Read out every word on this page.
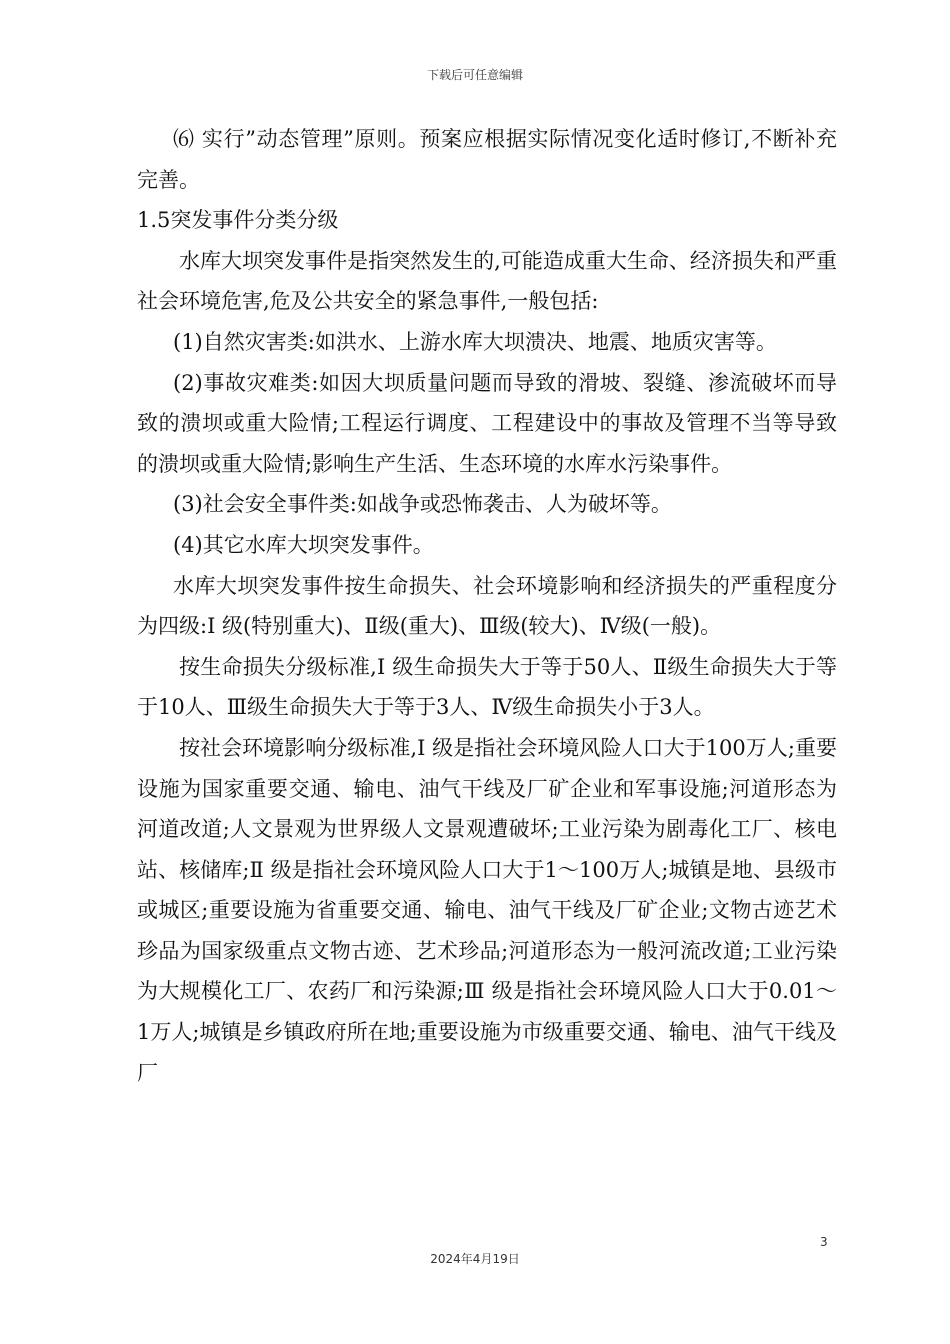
下载后可任意编辑

⑹ 实行”动态管理”原则。预案应根据实际情况变化适时修订,不断补充完善。

1.5突发事件分类分级

水库大坝突发事件是指突然发生的,可能造成重大生命、经济损失和严重社会环境危害,危及公共安全的紧急事件,一般包括:

(1)自然灾害类:如洪水、上游水库大坝溃决、地震、地质灾害等。

(2)事故灾难类:如因大坝质量问题而导致的滑坡、裂缝、渗流破坏而导致的溃坝或重大险情;工程运行调度、工程建设中的事故及管理不当等导致的溃坝或重大险情;影响生产生活、生态环境的水库水污染事件。

(3)社会安全事件类:如战争或恐怖袭击、人为破坏等。

(4)其它水库大坝突发事件。

水库大坝突发事件按生命损失、社会环境影响和经济损失的严重程度分为四级:Ⅰ 级(特别重大)、Ⅱ级(重大)、Ⅲ级(较大)、Ⅳ级(一般)。

按生命损失分级标准,Ⅰ 级生命损失大于等于50人、Ⅱ级生命损失大于等于10人、Ⅲ级生命损失大于等于3人、Ⅳ级生命损失小于3人。

按社会环境影响分级标准,Ⅰ 级是指社会环境风险人口大于100万人;重要设施为国家重要交通、输电、油气干线及厂矿企业和军事设施;河道形态为河道改道;人文景观为世界级人文景观遭破坏;工业污染为剧毒化工厂、核电站、核储库;Ⅱ 级是指社会环境风险人口大于1～100万人;城镇是地、县级市或城区;重要设施为省重要交通、输电、油气干线及厂矿企业;文物古迹艺术珍品为国家级重点文物古迹、艺术珍品;河道形态为一般河流改道;工业污染为大规模化工厂、农药厂和污染源;Ⅲ 级是指社会环境风险人口大于0.01～1万人;城镇是乡镇政府所在地;重要设施为市级重要交通、输电、油气干线及厂

3
2024年4月19日
